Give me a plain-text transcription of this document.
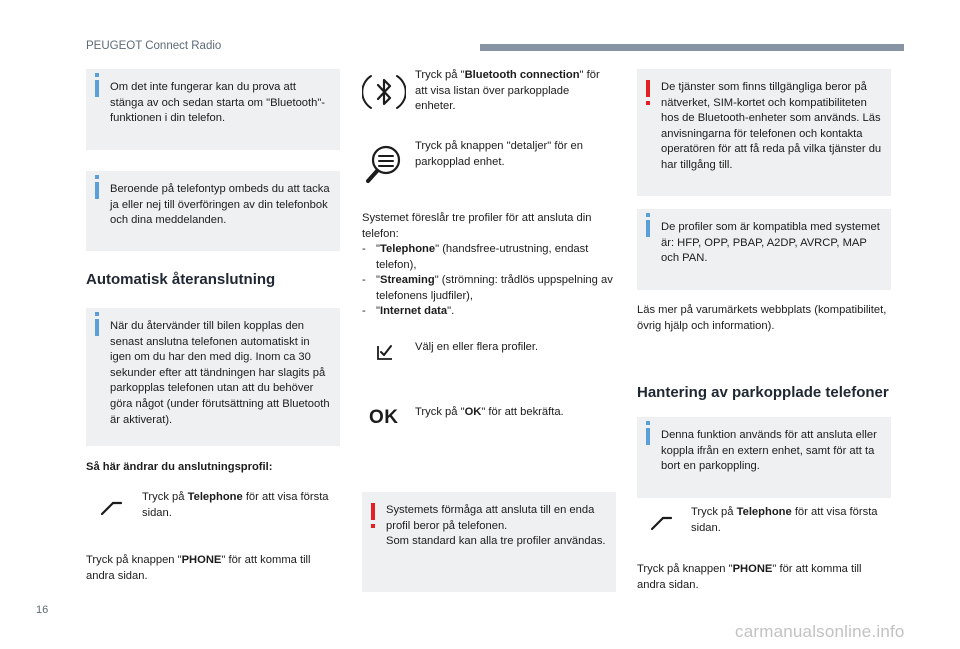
PEUGEOT Connect Radio
16
carmanualsonline.info
Om det inte fungerar kan du prova att stänga av och sedan starta om "Bluetooth"-funktionen i din telefon.
Beroende på telefontyp ombeds du att tacka ja eller nej till överföringen av din telefonbok och dina meddelanden.
Automatisk återanslutning
När du återvänder till bilen kopplas den senast anslutna telefonen automatiskt in igen om du har den med dig. Inom ca 30 sekunder efter att tändningen har slagits på parkopplas telefonen utan att du behöver göra något (under förutsättning att Bluetooth är aktiverat).
Så här ändrar du anslutningsprofil:
Tryck på Telephone för att visa första sidan.
Tryck på knappen "PHONE" för att komma till andra sidan.
Tryck på "Bluetooth connection" för att visa listan över parkopplade enheter.
Tryck på knappen "detaljer" för en parkopplad enhet.
Systemet föreslår tre profiler för att ansluta din telefon:
- "Telephone" (handsfree-utrustning, endast telefon),
- "Streaming" (strömning: trådlös uppspelning av telefonens ljudfiler),
- "Internet data".
Välj en eller flera profiler.
OK Tryck på "OK" för att bekräfta.
Systemets förmåga att ansluta till en enda profil beror på telefonen.
Som standard kan alla tre profiler användas.
De tjänster som finns tillgängliga beror på nätverket, SIM-kortet och kompatibiliteten hos de Bluetooth-enheter som används. Läs anvisningarna för telefonen och kontakta operatören för att få reda på vilka tjänster du har tillgång till.
De profiler som är kompatibla med systemet är: HFP, OPP, PBAP, A2DP, AVRCP, MAP och PAN.
Läs mer på varumärkets webbplats (kompatibilitet, övrig hjälp och information).
Hantering av parkopplade telefoner
Denna funktion används för att ansluta eller koppla ifrån en extern enhet, samt för att ta bort en parkoppling.
Tryck på Telephone för att visa första sidan.
Tryck på knappen "PHONE" för att komma till andra sidan.
